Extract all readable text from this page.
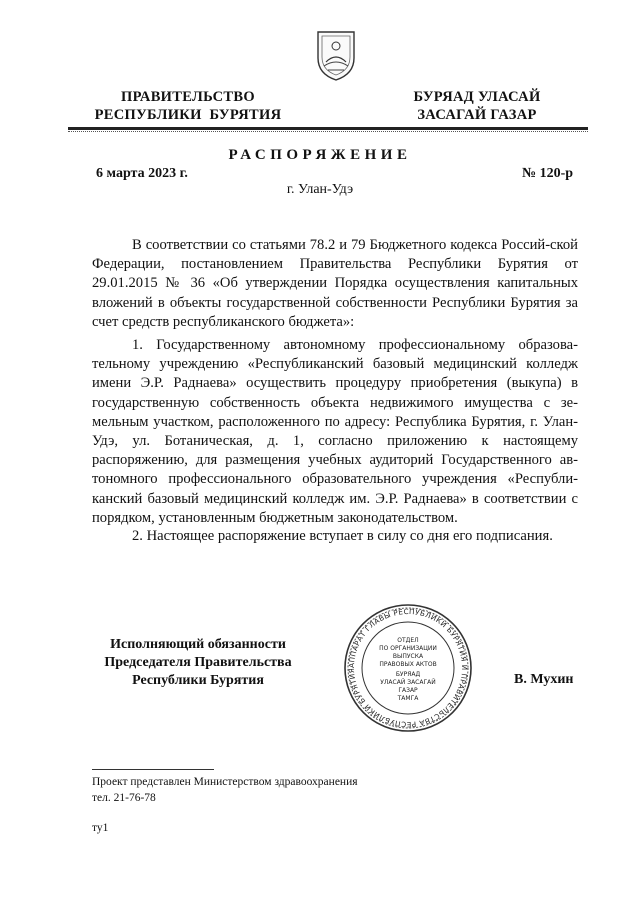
ПРАВИТЕЛЬСТВО
РЕСПУБЛИКИ  БУРЯТИЯ
БУРЯАД УЛАСАЙ
ЗАСАГАЙ ГАЗАР
РАСПОРЯЖЕНИЕ
6 марта 2023 г.	№ 120-р
г. Улан-Удэ
В соответствии со статьями 78.2 и 79 Бюджетного кодекса Россий-ской Федерации, постановлением Правительства Республики Бурятия от 29.01.2015 № 36 «Об утверждении Порядка осуществления капитальных вложений в объекты государственной собственности Республики Бурятия за счет средств республиканского бюджета»:
1. Государственному автономному профессиональному образова-тельному учреждению «Республиканский базовый медицинский колледж имени Э.Р. Раднаева» осуществить процедуру приобретения (выкупа) в государственную собственность объекта недвижимого имущества с зе-мельным участком, расположенного по адресу: Республика Бурятия, г. Улан-Удэ, ул. Ботаническая, д. 1, согласно приложению к настоящему распоряжению, для размещения учебных аудиторий Государственного ав-тономного профессионального образовательного учреждения «Республи-канский базовый медицинский колледж им. Э.Р. Раднаева» в соответствии с порядком, установленным бюджетным законодательством.
2. Настоящее распоряжение вступает в силу со дня его подписания.
Исполняющий обязанности
Председателя Правительства
Республики Бурятия
АППАРАТ ГЛАВЫ РЕСПУБЛИКИ БУРЯТИЯ И ПРАВИТЕЛЬСТВА РЕСПУБЛИКИ БУРЯТИЯ
ОТДЕЛ
ПО ОРГАНИЗАЦИИ
ВЫПУСКА
ПРАВОВЫХ АКТОВ
БУРЯАД
УЛАСАЙ ЗАСАГАЙ
ГАЗАР
ТАМГА
В. Мухин
Проект представлен Министерством здравоохранения
тел. 21-76-78
ту1
